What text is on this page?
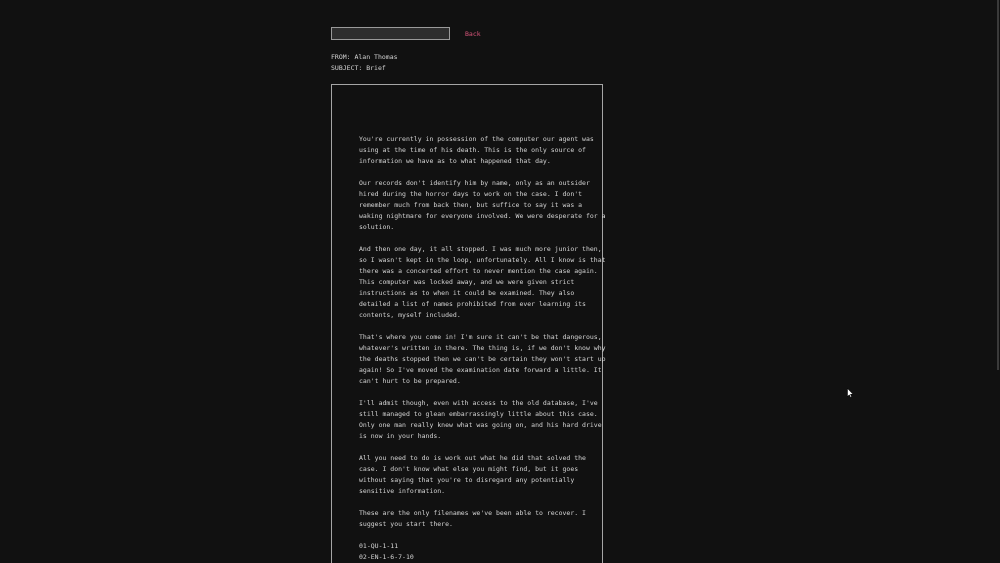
Back
FROM: Alan Thomas
SUBJECT: Brief
You're currently in possession of the computer our agent was
using at the time of his death. This is the only source of
information we have as to what happened that day.
Our records don't identify him by name, only as an outsider
hired during the horror days to work on the case. I don't
remember much from back then, but suffice to say it was a
waking nightmare for everyone involved. We were desperate for a
solution.
And then one day, it all stopped. I was much more junior then,
so I wasn't kept in the loop, unfortunately. All I know is that
there was a concerted effort to never mention the case again.
This computer was locked away, and we were given strict
instructions as to when it could be examined. They also
detailed a list of names prohibited from ever learning its
contents, myself included.
That's where you come in! I'm sure it can't be that dangerous,
whatever's written in there. The thing is, if we don't know why
the deaths stopped then we can't be certain they won't start up
again! So I've moved the examination date forward a little. It
can't hurt to be prepared.
I'll admit though, even with access to the old database, I've
still managed to glean embarrassingly little about this case.
Only one man really knew what was going on, and his hard drive
is now in your hands.
All you need to do is work out what he did that solved the
case. I don't know what else you might find, but it goes
without saying that you're to disregard any potentially
sensitive information.
These are the only filenames we've been able to recover. I
suggest you start there.
01-QU-1-11
02-EN-1-6-7-10
